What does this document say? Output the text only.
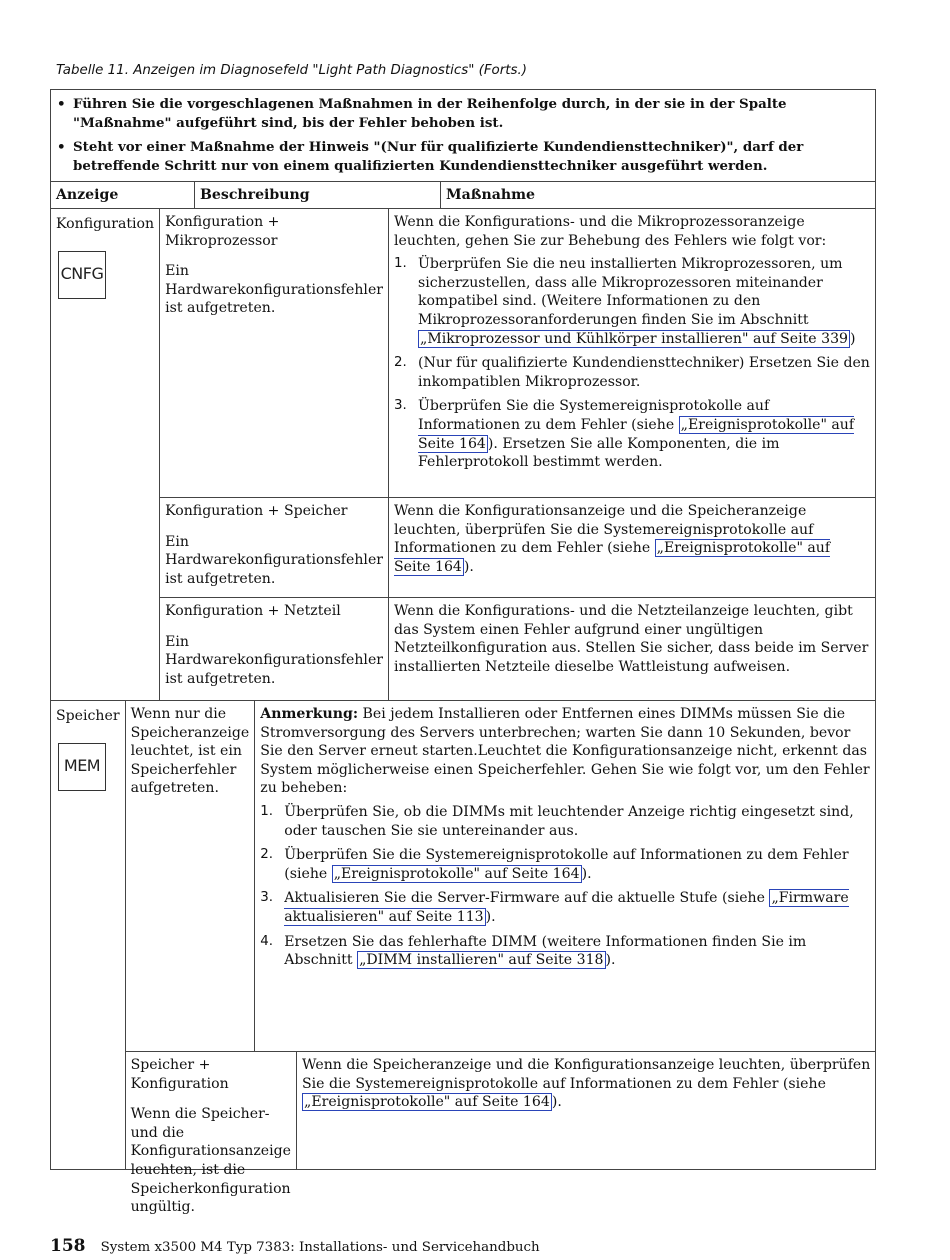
Tabelle 11. Anzeigen im Diagnosefeld "Light Path Diagnostics" (Forts.)
• Führen Sie die vorgeschlagenen Maßnahmen in der Reihenfolge durch, in der sie in der Spalte "Maßnahme" aufgeführt sind, bis der Fehler behoben ist.
• Steht vor einer Maßnahme der Hinweis "(Nur für qualifizierte Kundendiensttechniker)", darf der betreffende Schritt nur von einem qualifizierten Kundendiensttechniker ausgeführt werden.
Anzeige	Beschreibung	Maßnahme
Konfiguration
CNFG

Konfiguration + Mikroprozessor

Ein Hardwarekonfigurationsfehler ist aufgetreten.

Wenn die Konfigurations- und die Mikroprozessoranzeige leuchten, gehen Sie zur Behebung des Fehlers wie folgt vor:

1. Überprüfen Sie die neu installierten Mikroprozessoren, um sicherzustellen, dass alle Mikroprozessoren miteinander kompatibel sind. (Weitere Informationen zu den Mikroprozessoranforderungen finden Sie im Abschnitt „Mikroprozessor und Kühlkörper installieren" auf Seite 339 )
2. (Nur für qualifizierte Kundendiensttechniker) Ersetzen Sie den inkompatiblen Mikroprozessor.
3. Überprüfen Sie die Systemereignisprotokolle auf Informationen zu dem Fehler (siehe „Ereignisprotokolle" auf Seite 164 ). Ersetzen Sie alle Komponenten, die im Fehlerprotokoll bestimmt werden.

Konfiguration + Speicher

Ein Hardwarekonfigurationsfehler ist aufgetreten.

Wenn die Konfigurationsanzeige und die Speicheranzeige leuchten, überprüfen Sie die Systemereignisprotokolle auf Informationen zu dem Fehler (siehe „Ereignisprotokolle" auf Seite 164 ).

Konfiguration + Netzteil

Ein Hardwarekonfigurationsfehler ist aufgetreten.

Wenn die Konfigurations- und die Netzteilanzeige leuchten, gibt das System einen Fehler aufgrund einer ungültigen Netzteilkonfiguration aus. Stellen Sie sicher, dass beide im Server installierten Netzteile dieselbe Wattleistung aufweisen.

Speicher
MEM

Wenn nur die Speicheranzeige leuchtet, ist ein Speicherfehler aufgetreten.

Anmerkung: Bei jedem Installieren oder Entfernen eines DIMMs müssen Sie die Stromversorgung des Servers unterbrechen; warten Sie dann 10 Sekunden, bevor Sie den Server erneut starten.Leuchtet die Konfigurationsanzeige nicht, erkennt das System möglicherweise einen Speicherfehler. Gehen Sie wie folgt vor, um den Fehler zu beheben:

1. Überprüfen Sie, ob die DIMMs mit leuchtender Anzeige richtig eingesetzt sind, oder tauschen Sie sie untereinander aus.
2. Überprüfen Sie die Systemereignisprotokolle auf Informationen zu dem Fehler (siehe „Ereignisprotokolle" auf Seite 164 ).
3. Aktualisieren Sie die Server-Firmware auf die aktuelle Stufe (siehe „Firmware aktualisieren" auf Seite 113 ).
4. Ersetzen Sie das fehlerhafte DIMM (weitere Informationen finden Sie im Abschnitt „DIMM installieren" auf Seite 318 ).

Speicher + Konfiguration

Wenn die Speicher- und die Konfigurationsanzeige leuchten, ist die Speicherkonfiguration ungültig.

Wenn die Speicheranzeige und die Konfigurationsanzeige leuchten, überprüfen Sie die Systemereignisprotokolle auf Informationen zu dem Fehler (siehe „Ereignisprotokolle" auf Seite 164 ).

158 System x3500 M4 Typ 7383: Installations- und Servicehandbuch
